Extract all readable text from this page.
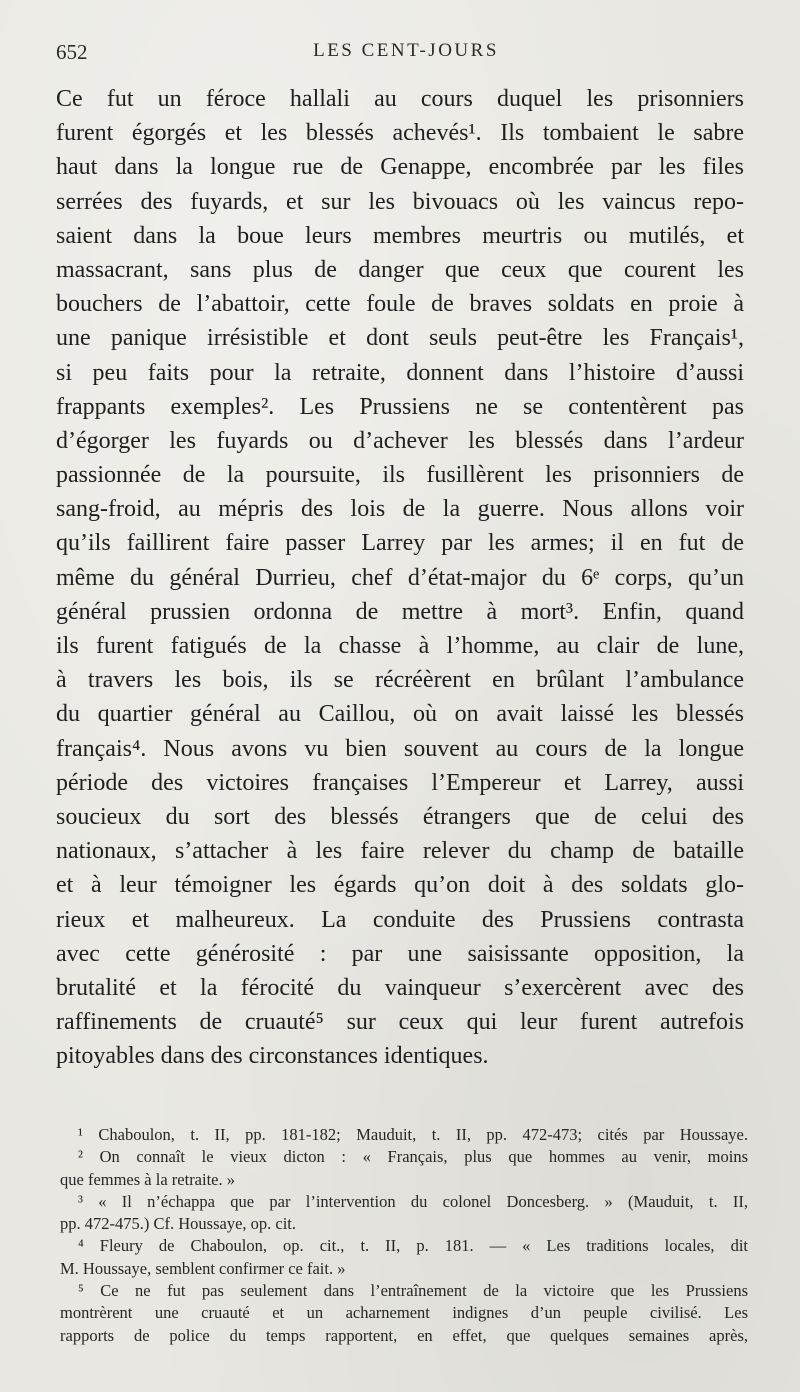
652	LES CENT-JOURS
Ce fut un féroce hallali au cours duquel les prisonniers
furent égorgés et les blessés achevés¹. Ils tombaient le sabre
haut dans la longue rue de Genappe, encombrée par les files
serrées des fuyards, et sur les bivouacs où les vaincus repo-
saient dans la boue leurs membres meurtris ou mutilés, et
massacrant, sans plus de danger que ceux que courent les
bouchers de l’abattoir, cette foule de braves soldats en proie à
une panique irrésistible et dont seuls peut-être les Français¹,
si peu faits pour la retraite, donnent dans l’histoire d’aussi
frappants exemples². Les Prussiens ne se contentèrent pas
d’égorger les fuyards ou d’achever les blessés dans l’ardeur
passionnée de la poursuite, ils fusillèrent les prisonniers de
sang-froid, au mépris des lois de la guerre. Nous allons voir
qu’ils faillirent faire passer Larrey par les armes; il en fut de
même du général Durrieu, chef d’état-major du 6ᵉ corps, qu’un
général prussien ordonna de mettre à mort³. Enfin, quand
ils furent fatigués de la chasse à l’homme, au clair de lune,
à travers les bois, ils se récréèrent en brûlant l’ambulance
du quartier général au Caillou, où on avait laissé les blessés
français⁴. Nous avons vu bien souvent au cours de la longue
période des victoires françaises l’Empereur et Larrey, aussi
soucieux du sort des blessés étrangers que de celui des
nationaux, s’attacher à les faire relever du champ de bataille
et à leur témoigner les égards qu’on doit à des soldats glo-
rieux et malheureux. La conduite des Prussiens contrasta
avec cette générosité : par une saisissante opposition, la
brutalité et la férocité du vainqueur s’exercèrent avec des
raffinements de cruauté⁵ sur ceux qui leur furent autrefois
pitoyables dans des circonstances identiques.
¹ Chaboulon, t. II, pp. 181-182; Mauduit, t. II, pp. 472-473; cités par Houssaye.
² On connaît le vieux dicton : « Français, plus que hommes au venir, moins
que femmes à la retraite. »
³ « Il n’échappa que par l’intervention du colonel Doncesberg. » (Mauduit, t. II,
pp. 472-475.) Cf. Houssaye, op. cit.
⁴ Fleury de Chaboulon, op. cit., t. II, p. 181. — « Les traditions locales, dit
M. Houssaye, semblent confirmer ce fait. »
⁵ Ce ne fut pas seulement dans l’entraînement de la victoire que les Prussiens
montrèrent une cruauté et un acharnement indignes d’un peuple civilisé. Les
rapports de police du temps rapportent, en effet, que quelques semaines après,
